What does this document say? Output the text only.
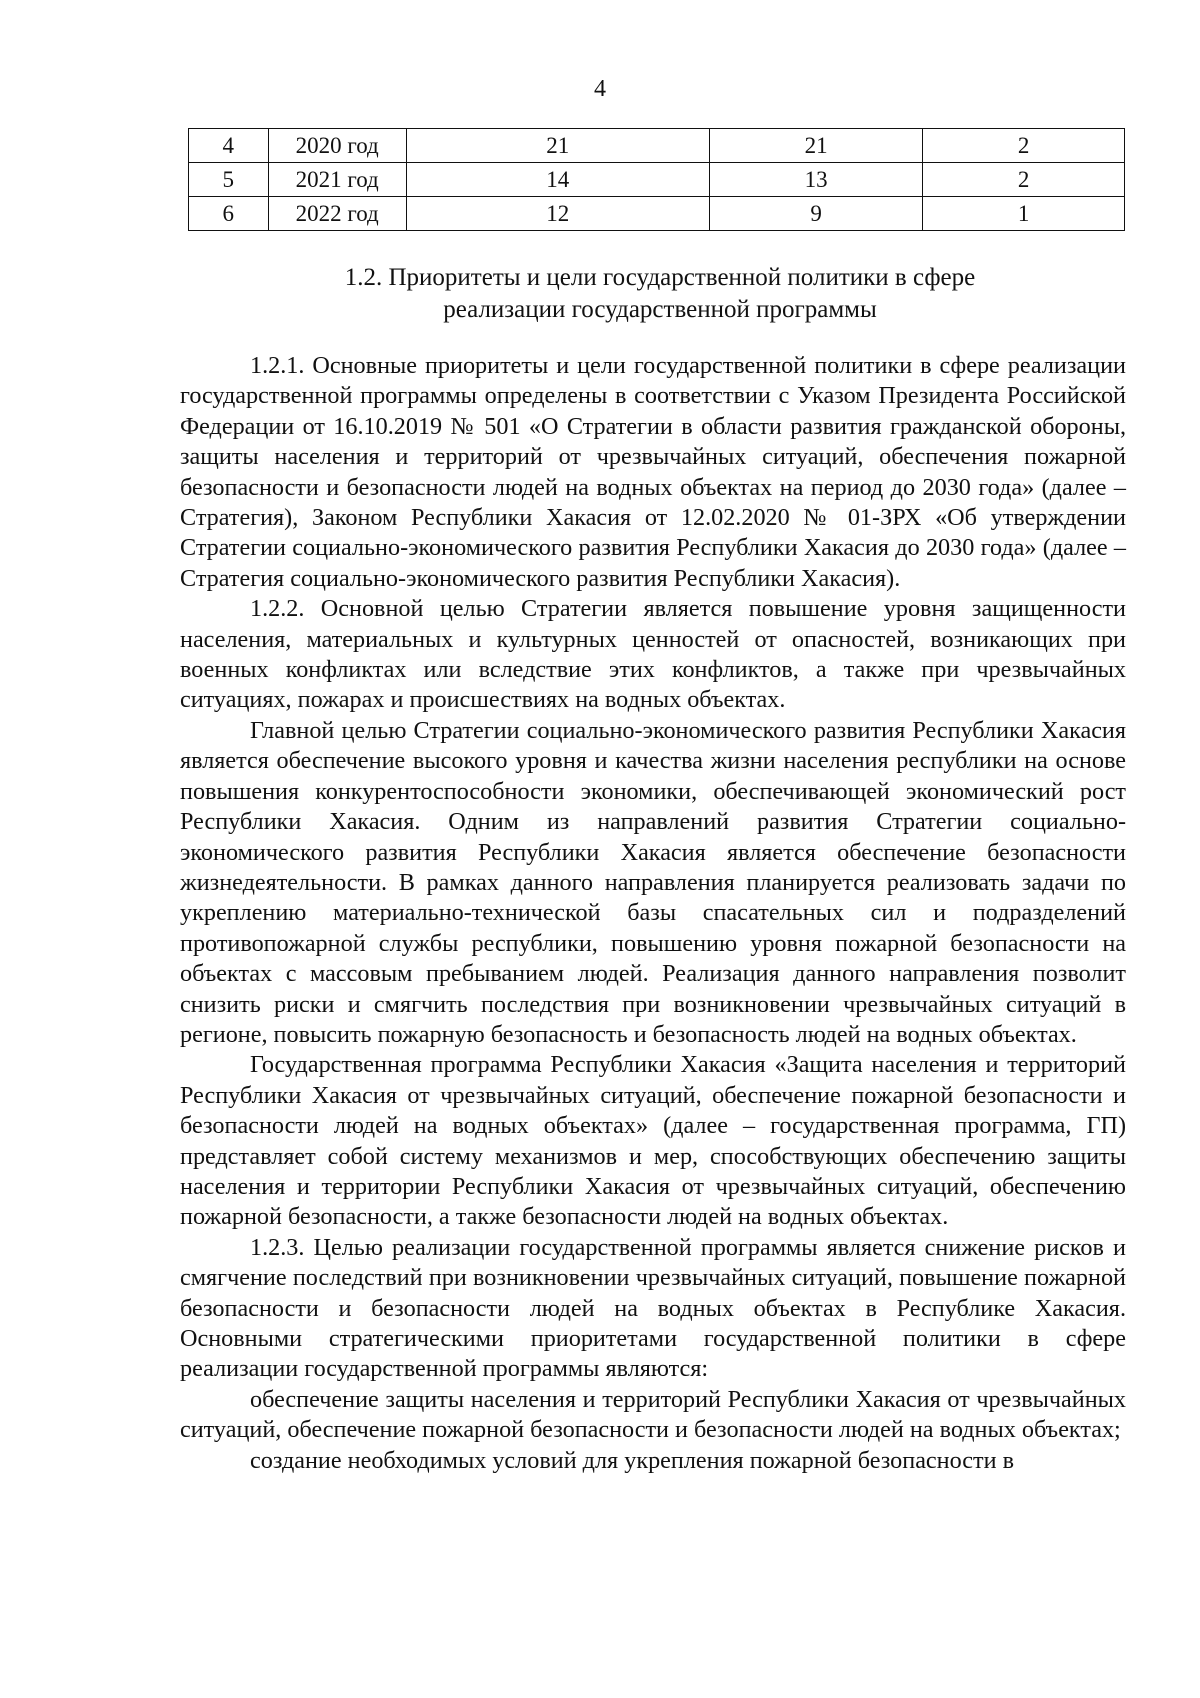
4
4	2020 год	21	21	2
5	2021 год	14	13	2
6	2022 год	12	9	1
1.2. Приоритеты и цели государственной политики в сфере
реализации государственной программы

1.2.1. Основные приоритеты и цели государственной политики в сфере реализации государственной программы определены в соответствии с Указом Президента Российской Федерации от 16.10.2019 № 501 «О Стратегии в области развития гражданской обороны, защиты населения и территорий от чрезвычайных ситуаций, обеспечения пожарной безопасности и безопасности людей на водных объектах на период до 2030 года» (далее – Стратегия), Законом Республики Хакасия от 12.02.2020 № 01-ЗРХ «Об утверждении Стратегии социально-экономического развития Республики Хакасия до 2030 года» (далее – Стратегия социально-экономического развития Республики Хакасия).

1.2.2. Основной целью Стратегии является повышение уровня защищенности населения, материальных и культурных ценностей от опасностей, возникающих при военных конфликтах или вследствие этих конфликтов, а также при чрезвычайных ситуациях, пожарах и происшествиях на водных объектах.

Главной целью Стратегии социально-экономического развития Республики Хакасия является обеспечение высокого уровня и качества жизни населения республики на основе повышения конкурентоспособности экономики, обеспечивающей экономический рост Республики Хакасия. Одним из направлений развития Стратегии социально-экономического развития Республики Хакасия является обеспечение безопасности жизнедеятельности. В рамках данного направления планируется реализовать задачи по укреплению материально-технической базы спасательных сил и подразделений противопожарной службы республики, повышению уровня пожарной безопасности на объектах с массовым пребыванием людей. Реализация данного направления позволит снизить риски и смягчить последствия при возникновении чрезвычайных ситуаций в регионе, повысить пожарную безопасность и безопасность людей на водных объектах.

Государственная программа Республики Хакасия «Защита населения и территорий Республики Хакасия от чрезвычайных ситуаций, обеспечение пожарной безопасности и безопасности людей на водных объектах» (далее – государственная программа, ГП) представляет собой систему механизмов и мер, способствующих обеспечению защиты населения и территории Республики Хакасия от чрезвычайных ситуаций, обеспечению пожарной безопасности, а также безопасности людей на водных объектах.

1.2.3. Целью реализации государственной программы является снижение рисков и смягчение последствий при возникновении чрезвычайных ситуаций, повышение пожарной безопасности и безопасности людей на водных объектах в Республике Хакасия. Основными стратегическими приоритетами государственной политики в сфере реализации государственной программы являются:

обеспечение защиты населения и территорий Республики Хакасия от чрезвычайных ситуаций, обеспечение пожарной безопасности и безопасности людей на водных объектах;

создание необходимых условий для укрепления пожарной безопасности в
